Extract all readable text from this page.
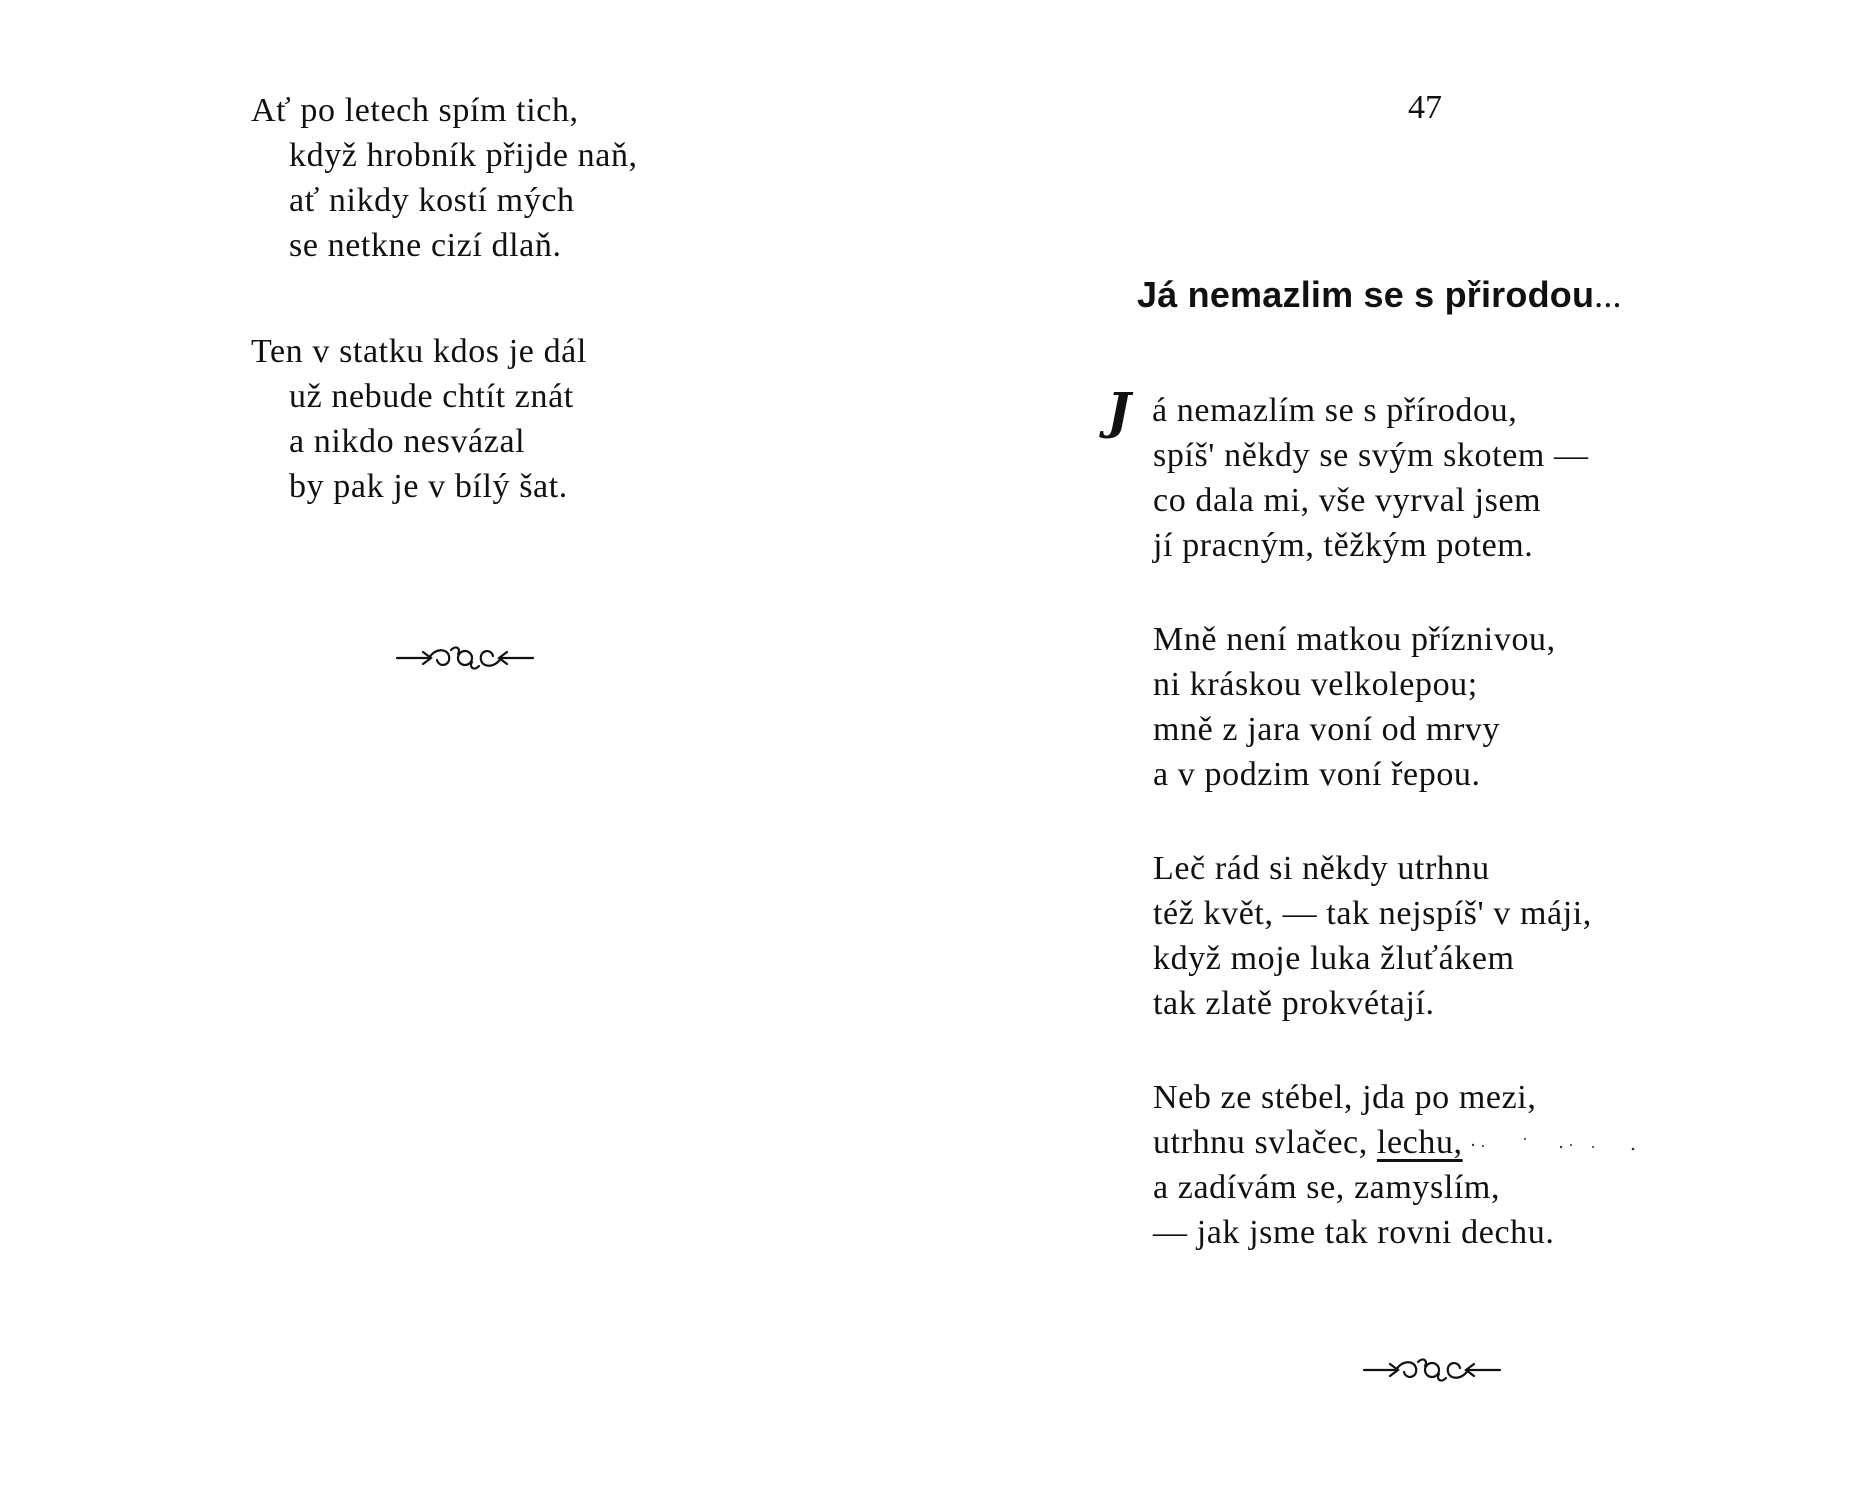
Ať po letech spím tich,
když hrobník přijde naň,
ať nikdy kostí mých
se netkne cizí dlaň.
Ten v statku kdos je dál
už nebude chtít znát
a nikdo nesvázal
by pak je v bílý šat.
47
Já nemazlim se s přirodou...
J á nemazlím se s přírodou,
spíš' někdy se svým skotem —
co dala mi, vše vyrval jsem
jí pracným, těžkým potem.
Mně není matkou příznivou,
ni kráskou velkolepou;
mně z jara voní od mrvy
a v podzim voní řepou.
Leč rád si někdy utrhnu
též květ, — tak nejspíš' v máji,
když moje luka žluťákem
tak zlatě prokvétají.
Neb ze stébel, jda po mezi,
utrhnu svlačec, lechu,
a zadívám se, zamyslím,
— jak jsme tak rovni dechu.
